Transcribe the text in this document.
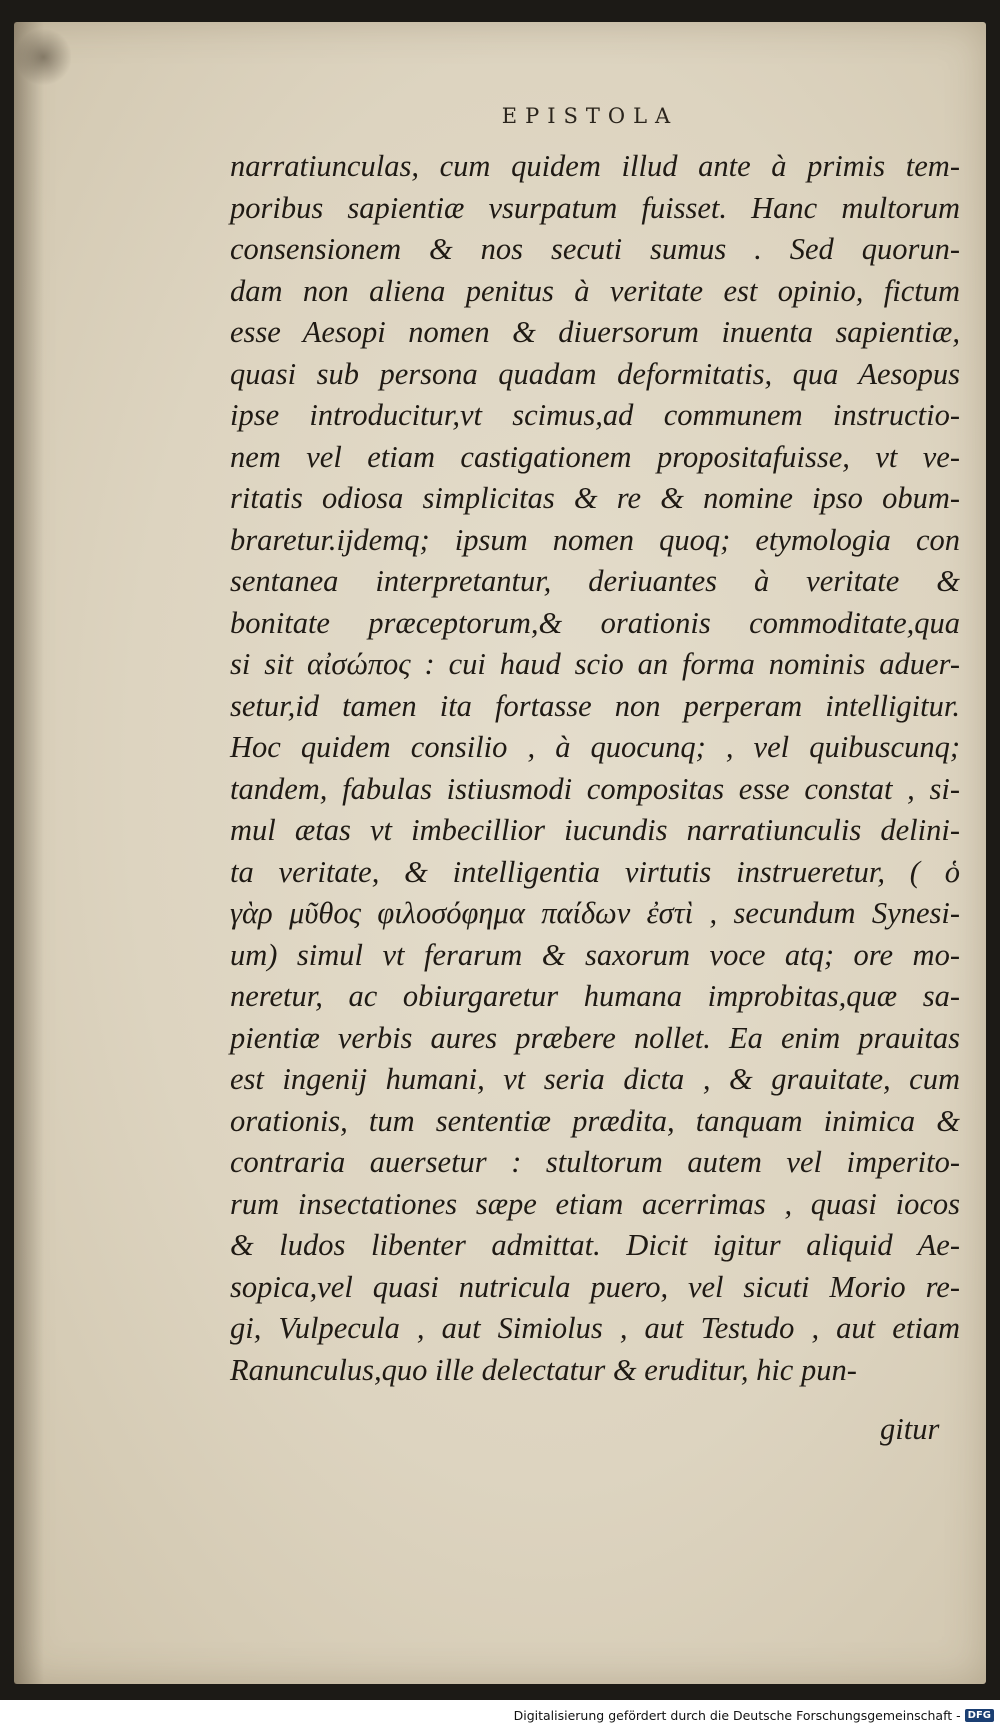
EPISTOLA
narratiunculas, cum quidem illud ante à primis tem-
poribus sapientiæ vsurpatum fuisset. Hanc multorum
consensionem & nos secuti sumus . Sed quorun-
dam non aliena penitus à veritate est opinio, fictum
esse Aesopi nomen & diuersorum inuenta sapientiæ,
quasi sub persona quadam deformitatis, qua Aesopus
ipse introducitur,vt scimus,ad communem instructio-
nem vel etiam castigationem propositafuisse, vt ve-
ritatis odiosa simplicitas & re & nomine ipso obum-
braretur.ijdemq; ipsum nomen quoq; etymologia con
sentanea interpretantur, deriuantes à veritate &
bonitate præceptorum,& orationis commoditate,qua
si sit αἰσώπος : cui haud scio an forma nominis aduer-
setur,id tamen ita fortasse non perperam intelligitur.
Hoc quidem consilio , à quocunq; , vel quibuscunq;
tandem, fabulas istiusmodi compositas esse constat , si-
mul ætas vt imbecillior iucundis narratiunculis delini-
ta veritate, & intelligentia virtutis instrueretur, ( ὁ
γὰρ μῦθος φιλοσόφημα παίδων ἐστὶ , secundum Synesi-
um) simul vt ferarum & saxorum voce atq; ore mo-
neretur, ac obiurgaretur humana improbitas,quæ sa-
pientiæ verbis aures præbere nollet. Ea enim prauitas
est ingenij humani, vt seria dicta , & grauitate, cum
orationis, tum sententiæ prædita, tanquam inimica &
contraria auersetur : stultorum autem vel imperito-
rum insectationes sæpe etiam acerrimas , quasi iocos
& ludos libenter admittat. Dicit igitur aliquid Ae-
sopica,vel quasi nutricula puero, vel sicuti Morio re-
gi, Vulpecula , aut Simiolus , aut Testudo , aut etiam
Ranunculus,quo ille delectatur & eruditur, hic pun-
gitur
Digitalisierung gefördert durch die Deutsche Forschungsgemeinschaft - DFG
